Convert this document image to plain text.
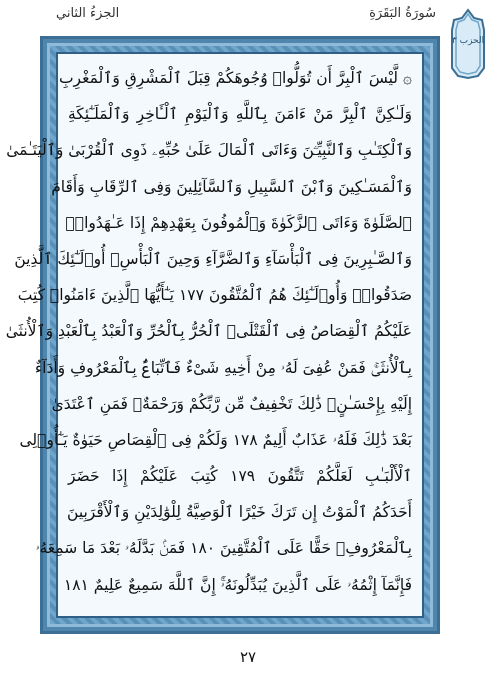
الجزءُ الثاني	سُورَةُ البَقَرَةِ
الحزب ٣
۞ لَّيْسَ ٱلْبِرَّ أَن تُوَلُّوا۟ وُجُوهَكُمْ قِبَلَ ٱلْمَشْرِقِ وَٱلْمَغْرِبِ
وَلَـٰكِنَّ ٱلْبِرَّ مَنْ ءَامَنَ بِٱللَّهِ وَٱلْيَوْمِ ٱلْـَٔاخِرِ وَٱلْمَلَـٰٓئِكَةِ
وَٱلْكِتَـٰبِ وَٱلنَّبِيِّـۧنَ وَءَاتَى ٱلْمَالَ عَلَىٰ حُبِّهِۦ ذَوِى ٱلْقُرْبَىٰ وَٱلْيَتَـٰمَىٰ
وَٱلْمَسَـٰكِينَ وَٱبْنَ ٱلسَّبِيلِ وَٱلسَّآئِلِينَ وَفِى ٱلرِّقَابِ وَأَقَامَ
ٱلصَّلَوٰةَ وَءَاتَى ٱلزَّكَوٰةَ وَٱلْمُوفُونَ بِعَهْدِهِمْ إِذَا عَـٰهَدُوا۟ۖ
وَٱلصَّـٰبِرِينَ فِى ٱلْبَأْسَآءِ وَٱلضَّرَّآءِ وَحِينَ ٱلْبَأْسِۗ أُو۟لَـٰٓئِكَ ٱلَّذِينَ
صَدَقُوا۟ۖ وَأُو۟لَـٰٓئِكَ هُمُ ٱلْمُتَّقُونَ ١٧٧ يَـٰٓأَيُّهَا ٱلَّذِينَ ءَامَنُوا۟ كُتِبَ
عَلَيْكُمُ ٱلْقِصَاصُ فِى ٱلْقَتْلَىۖ ٱلْحُرُّ بِٱلْحُرِّ وَٱلْعَبْدُ بِٱلْعَبْدِ وَٱلْأُنثَىٰ
بِٱلْأُنثَىٰۚ فَمَنْ عُفِىَ لَهُۥ مِنْ أَخِيهِ شَىْءٌ فَٱتِّبَاعٌۢ بِٱلْمَعْرُوفِ وَأَدَآءٌ
إِلَيْهِ بِإِحْسَـٰنٍۗ ذَٰلِكَ تَخْفِيفٌ مِّن رَّبِّكُمْ وَرَحْمَةٌۗ فَمَنِ ٱعْتَدَىٰ
بَعْدَ ذَٰلِكَ فَلَهُۥ عَذَابٌ أَلِيمٌ ١٧٨ وَلَكُمْ فِى ٱلْقِصَاصِ حَيَوٰةٌ يَـٰٓأُو۟لِى
ٱلْأَلْبَـٰبِ لَعَلَّكُمْ تَتَّقُونَ ١٧٩ كُتِبَ عَلَيْكُمْ إِذَا حَضَرَ
أَحَدَكُمُ ٱلْمَوْتُ إِن تَرَكَ خَيْرًا ٱلْوَصِيَّةُ لِلْوَٰلِدَيْنِ وَٱلْأَقْرَبِينَ
بِٱلْمَعْرُوفِۖ حَقًّا عَلَى ٱلْمُتَّقِينَ ١٨٠ فَمَنۢ بَدَّلَهُۥ بَعْدَ مَا سَمِعَهُۥ
فَإِنَّمَآ إِثْمُهُۥ عَلَى ٱلَّذِينَ يُبَدِّلُونَهُۥٓۚ إِنَّ ٱللَّهَ سَمِيعٌ عَلِيمٌ ١٨١
٢٧
